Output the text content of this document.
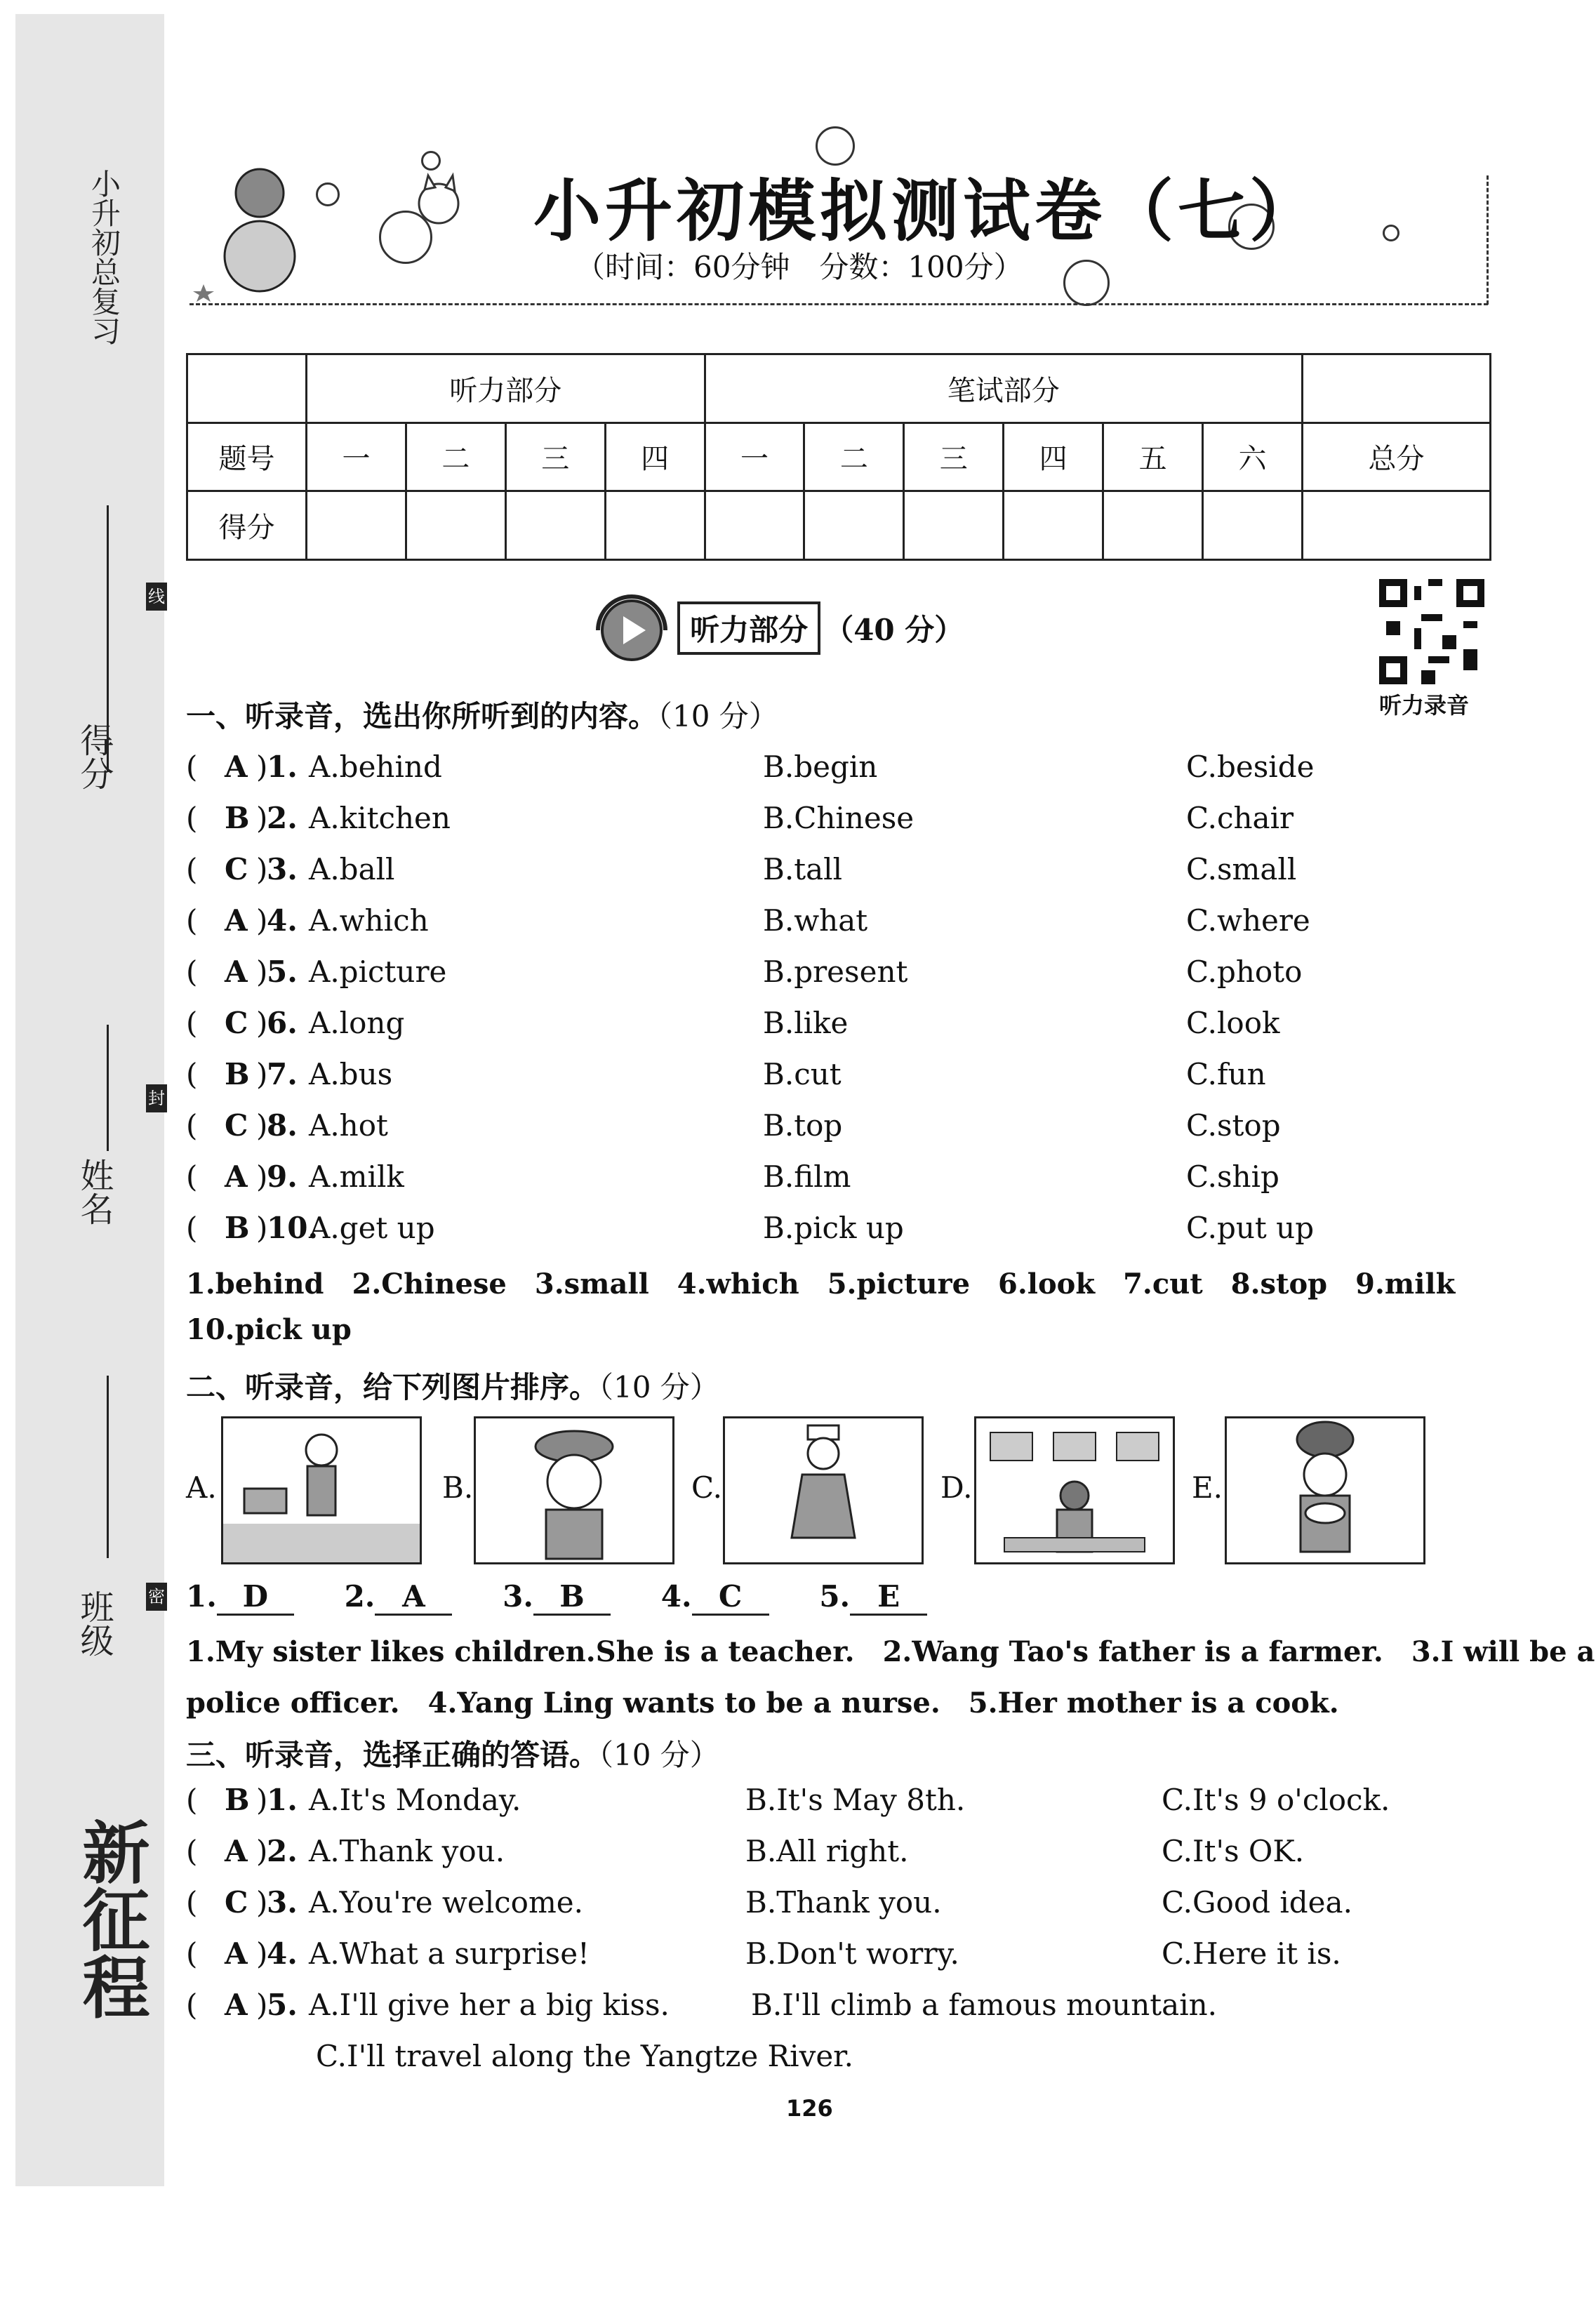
小升初总复习
得分
线
封
姓名
密
班级
新征程
小升初模拟测试卷（七）
（时间：60分钟　分数：100分）
	听力部分				笔试部分						
题号	一	二	三	四	一	二	三	四	五	六	总分
得分											
听力部分 （40 分）
听力录音
一、听录音，选出你所听到的内容。（10 分）
( A )
1. A.behind	B.begin	C.beside
( B )
2. A.kitchen	B.Chinese	C.chair
( C )
3. A.ball	B.tall	C.small
( A )
4. A.which	B.what	C.where
( A )
5. A.picture	B.present	C.photo
( C )
6. A.long	B.like	C.look
( B )
7. A.bus	B.cut	C.fun
( C )
8. A.hot	B.top	C.stop
( A )
9. A.milk	B.film	C.ship
( B )
10.
A.get up	B.pick up	C.put up
1.behind　2.Chinese　3.small　4.which　5.picture　6.look　7.cut　8.stop　9.milk
10.pick up
二、听录音，给下列图片排序。（10 分）
A.	B.	C.	D.	E.
1. D	2. A	3. B	4. C	5. E
1.My sister likes children.She is a teacher.　2.Wang Tao's father is a farmer.　3.I will be a
police officer.　4.Yang Ling wants to be a nurse.　5.Her mother is a cook.
三、听录音，选择正确的答语。（10 分）
( B )
1. A.It's Monday.	B.It's May 8th.	C.It's 9 o'clock.
( A )
2. A.Thank you.	B.All right.	C.It's OK.
( C )
3. A.You're welcome.	B.Thank you.	C.Good idea.
( A )
4. A.What a surprise!	B.Don't worry.	C.Here it is.
( A )
5. A.I'll give her a big kiss.	B.I'll climb a famous mountain.
C.I'll travel along the Yangtze River.
126
